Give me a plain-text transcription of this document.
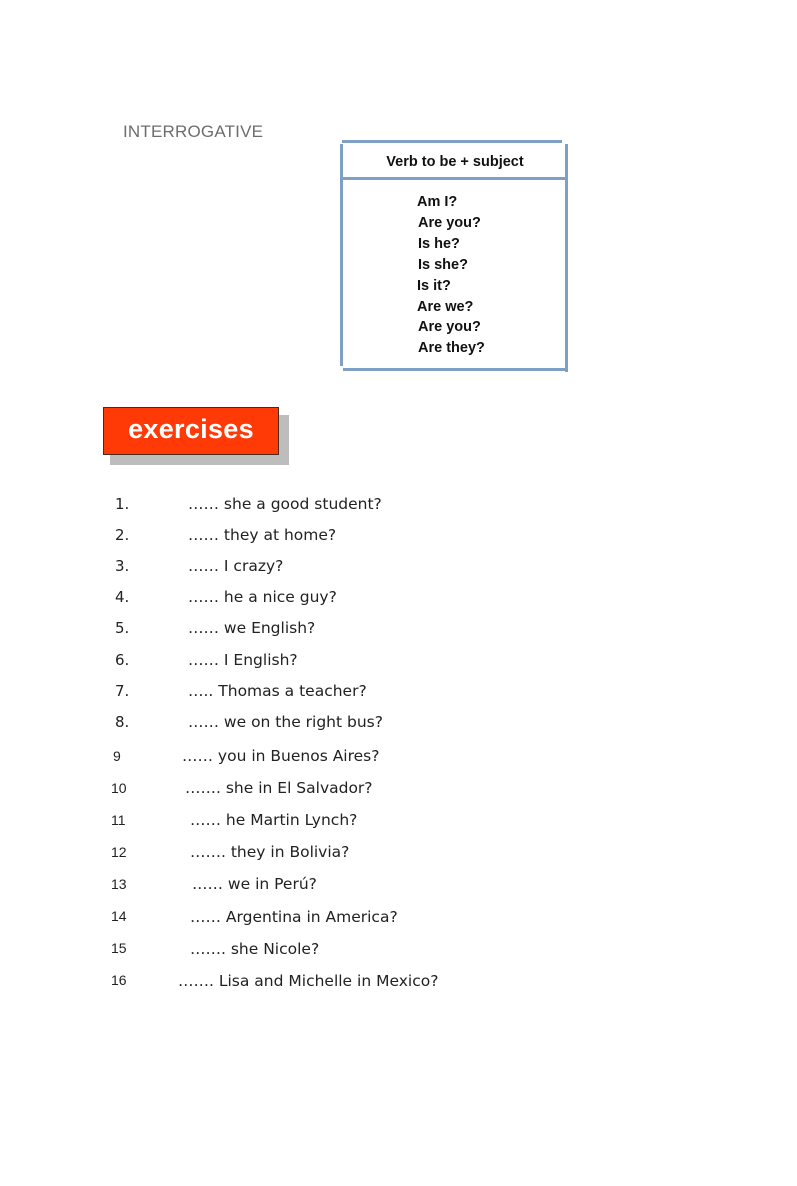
INTERROGATIVE
Verb to be + subject
Am I?
Are you?
Is he?
Is she?
Is it?
Are we?
Are you?
Are they?
exercises
1.	…… she a good student?
2.	…… they at home?
3.	…… I crazy?
4.	…… he a nice guy?
5.	…… we English?
6.	…… I English?
7.	….. Thomas a teacher?
8.	…… we on the right bus?
9	…… you in Buenos Aires?
10	……. she in El Salvador?
11	…… he Martin Lynch?
12	……. they in Bolivia?
13	…… we in Perú?
14	…… Argentina in America?
15	……. she Nicole?
16	……. Lisa and Michelle in Mexico?
